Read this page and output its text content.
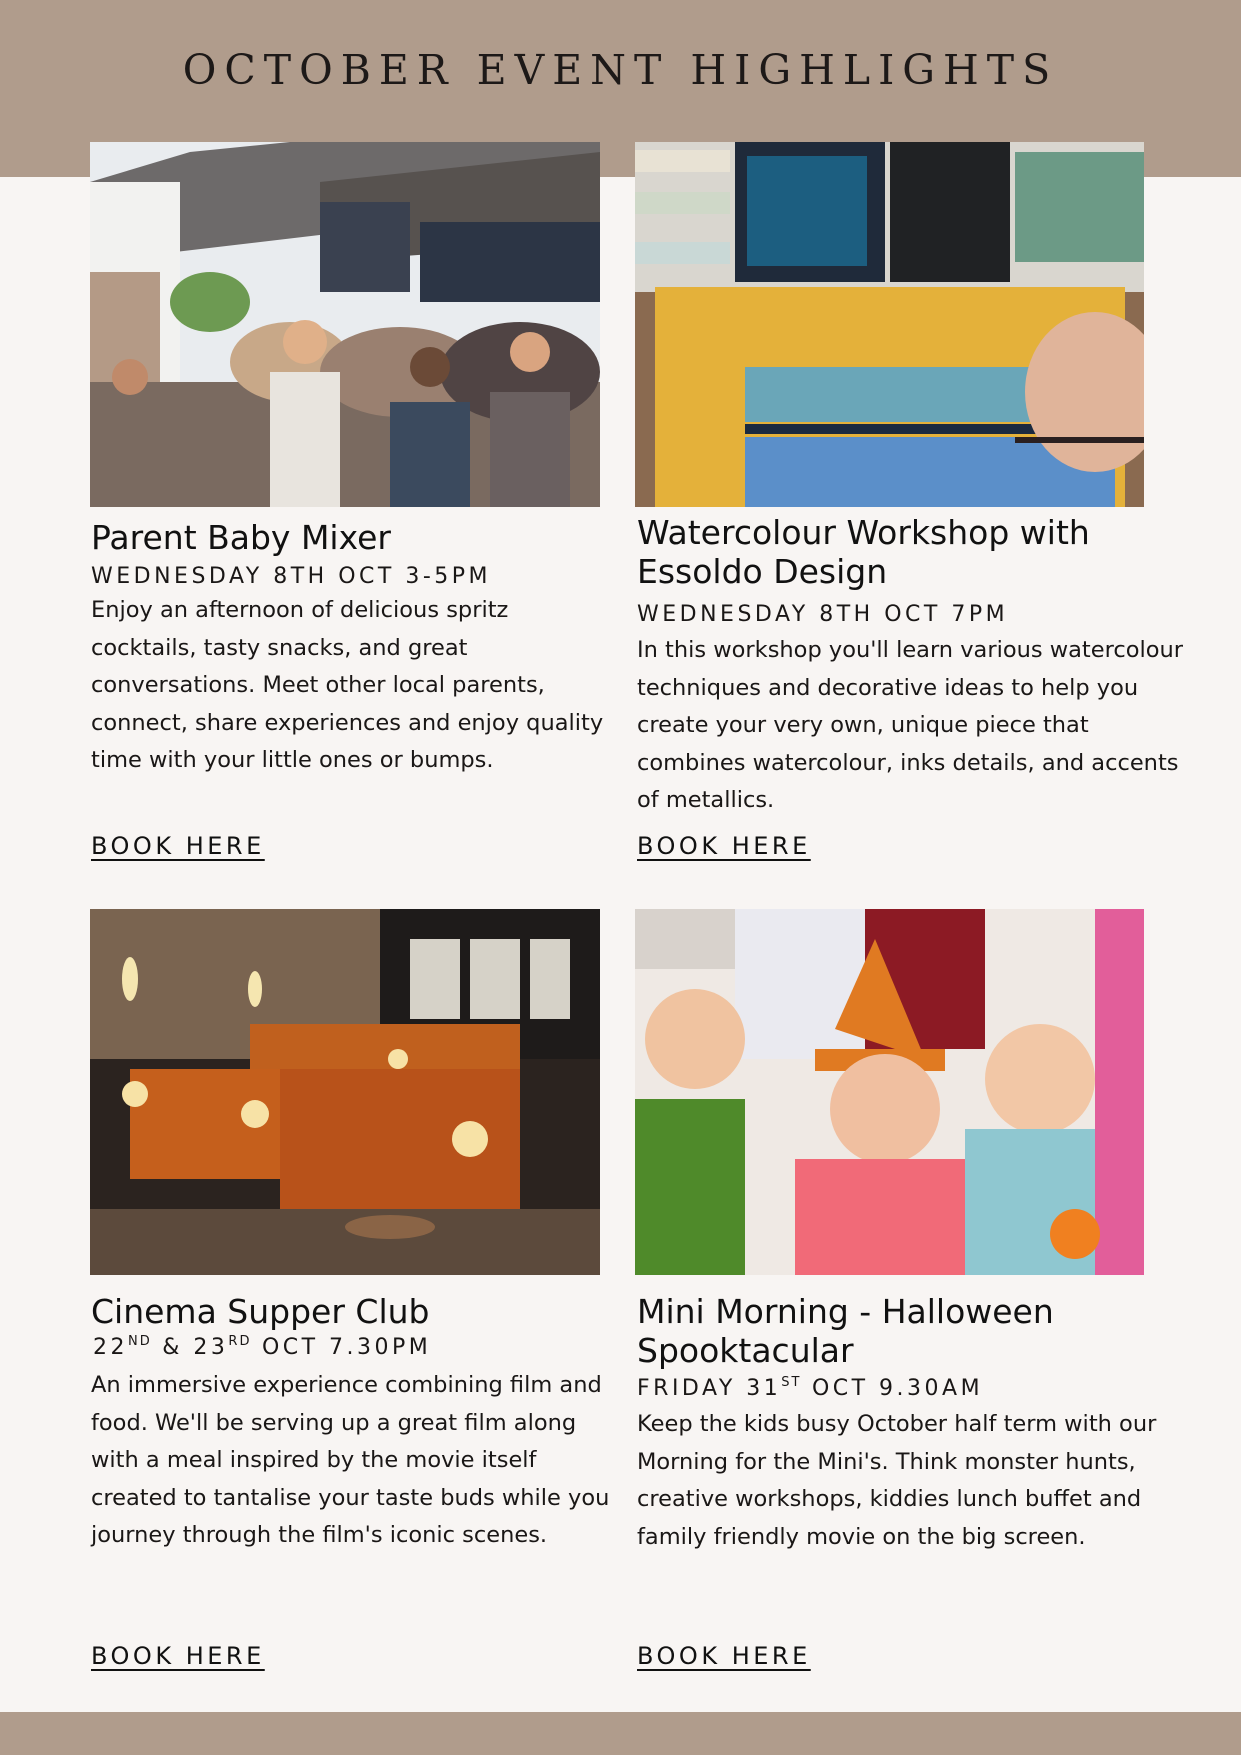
OCTOBER EVENT HIGHLIGHTS
Parent Baby Mixer

WEDNESDAY 8TH OCT 3-5PM

Enjoy an afternoon of delicious spritz cocktails, tasty snacks, and great conversations. Meet other local parents, connect, share experiences and enjoy quality time with your little ones or bumps.

BOOK HERE
Watercolour Workshop with Essoldo Design

WEDNESDAY 8TH OCT 7PM

In this workshop you'll learn various watercolour techniques and decorative ideas to help you create your very own, unique piece that combines watercolour, inks details, and accents of metallics.

BOOK HERE
Cinema Supper Club

22ND & 23RD OCT 7.30PM

An immersive experience combining film and food. We'll be serving up a great film along with a meal inspired by the movie itself created to tantalise your taste buds while you journey through the film's iconic scenes.

BOOK HERE
Mini Morning - Halloween Spooktacular

FRIDAY 31ST OCT 9.30AM

Keep the kids busy October half term with our Morning for the Mini's. Think monster hunts, creative workshops, kiddies lunch buffet and family friendly movie on the big screen.

BOOK HERE
